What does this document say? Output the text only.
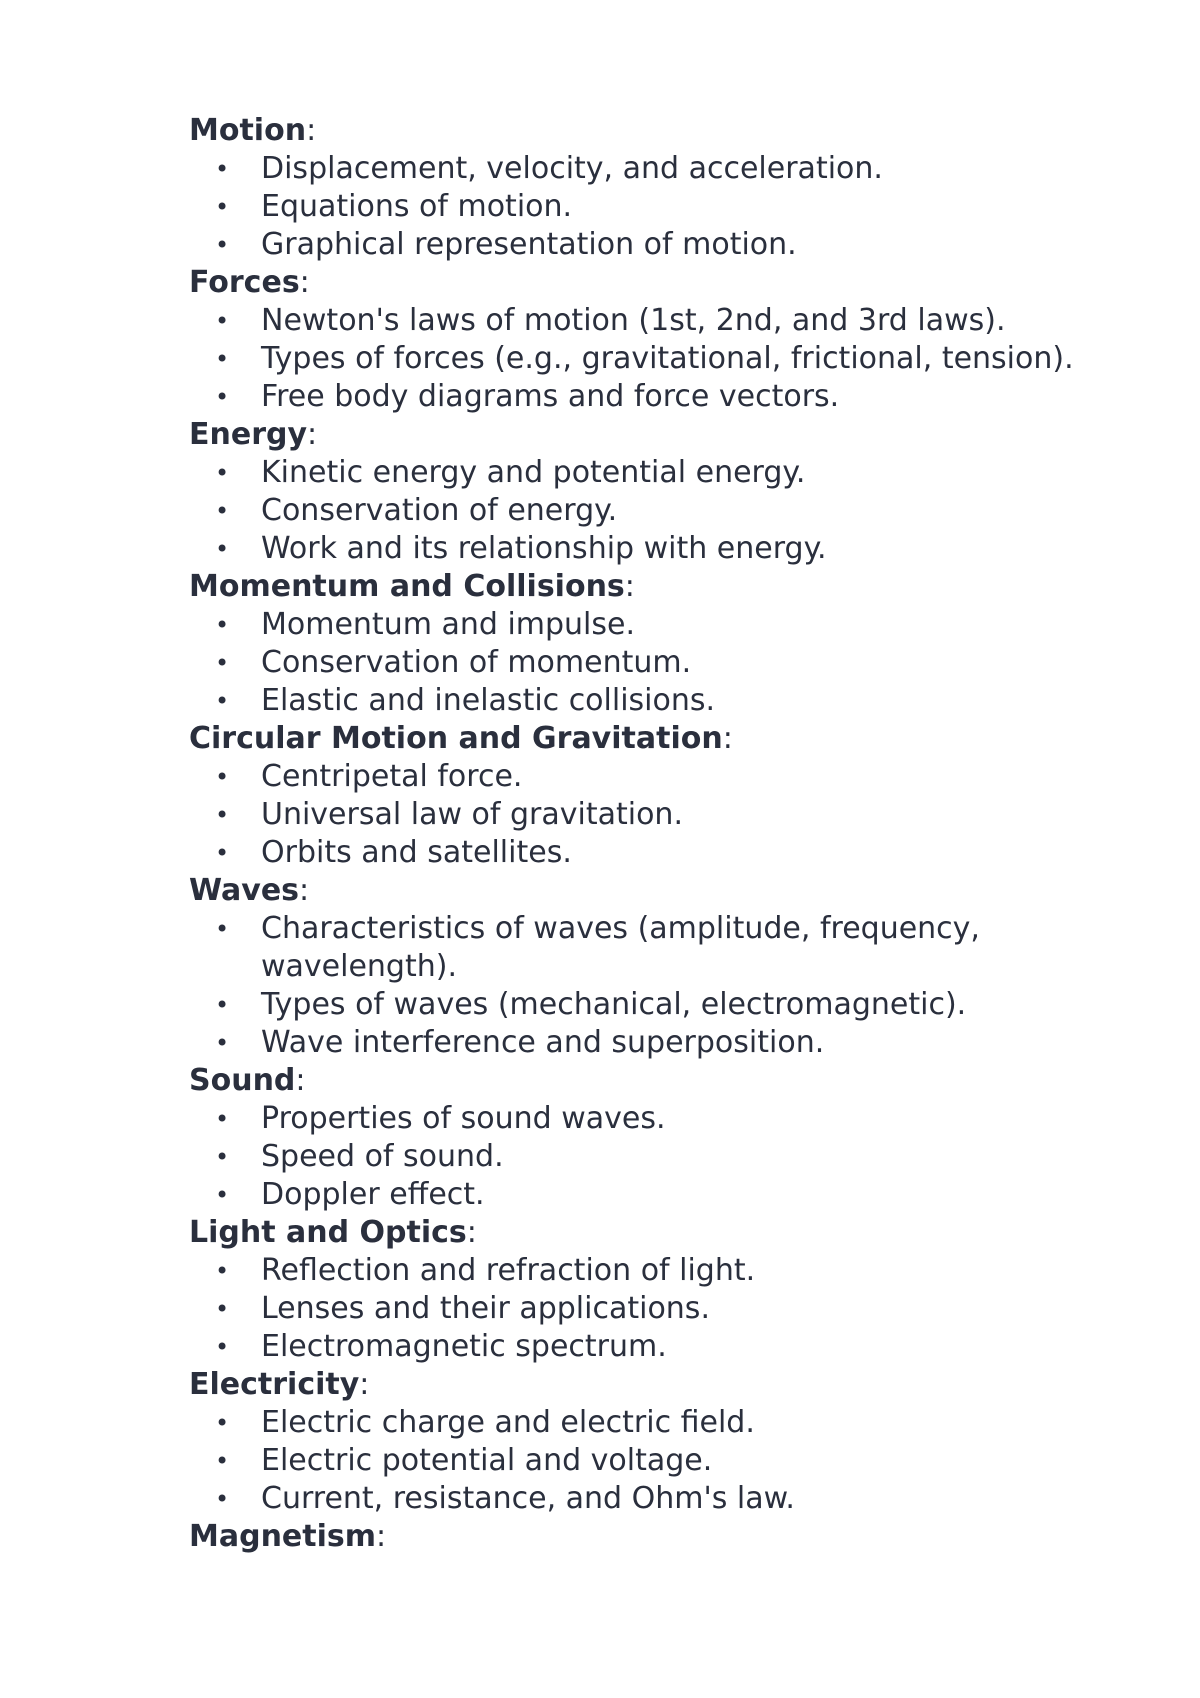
Motion:

• Displacement, velocity, and acceleration.
• Equations of motion.
• Graphical representation of motion.

Forces:

• Newton's laws of motion (1st, 2nd, and 3rd laws).
• Types of forces (e.g., gravitational, frictional, tension).
• Free body diagrams and force vectors.

Energy:

• Kinetic energy and potential energy.
• Conservation of energy.
• Work and its relationship with energy.

Momentum and Collisions:

• Momentum and impulse.
• Conservation of momentum.
• Elastic and inelastic collisions.

Circular Motion and Gravitation:

• Centripetal force.
• Universal law of gravitation.
• Orbits and satellites.

Waves:

• Characteristics of waves (amplitude, frequency, wavelength).
• Types of waves (mechanical, electromagnetic).
• Wave interference and superposition.

Sound:

• Properties of sound waves.
• Speed of sound.
• Doppler effect.

Light and Optics:

• Reflection and refraction of light.
• Lenses and their applications.
• Electromagnetic spectrum.

Electricity:

• Electric charge and electric field.
• Electric potential and voltage.
• Current, resistance, and Ohm's law.

Magnetism:
